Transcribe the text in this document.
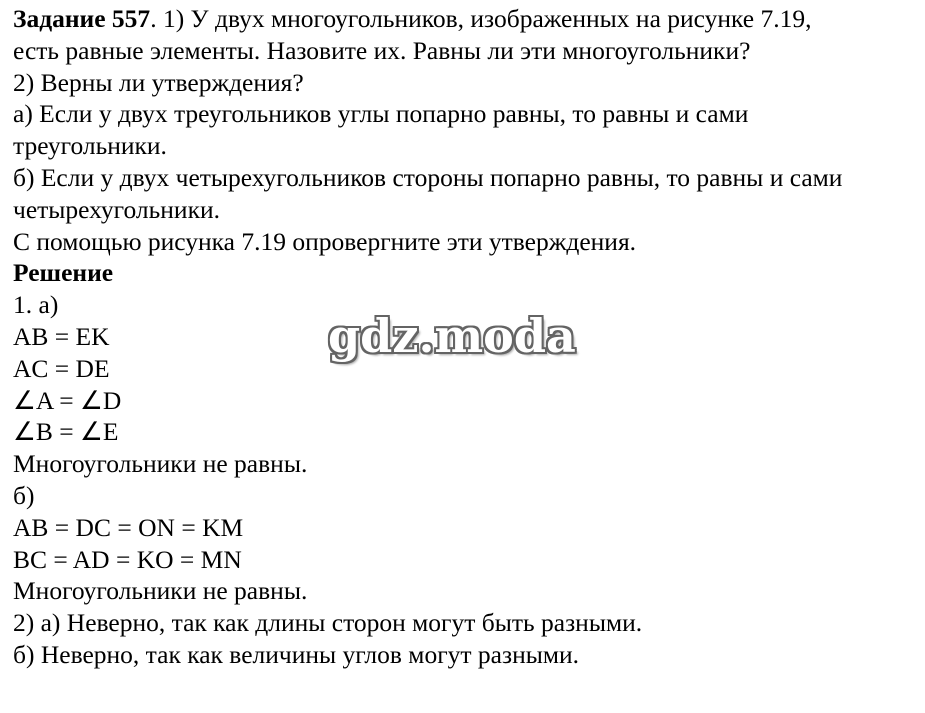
Задание 557. 1) У двух многоугольников, изображенных на рисунке 7.19,
есть равные элементы. Назовите их. Равны ли эти многоугольники?
2) Верны ли утверждения?
а) Если у двух треугольников углы попарно равны, то равны и сами
треугольники.
б) Если у двух четырехугольников стороны попарно равны, то равны и сами
четырехугольники.
С помощью рисунка 7.19 опровергните эти утверждения.
Решение
1. а)
AB = EK
AC = DE
∠A = ∠D
∠B = ∠E
Многоугольники не равны.
б)
AB = DC = ON = KM
BC = AD = KO = MN
Многоугольники не равны.
2) а) Неверно, так как длины сторон могут быть разными.
б) Неверно, так как величины углов могут разными.
gdz.moda
